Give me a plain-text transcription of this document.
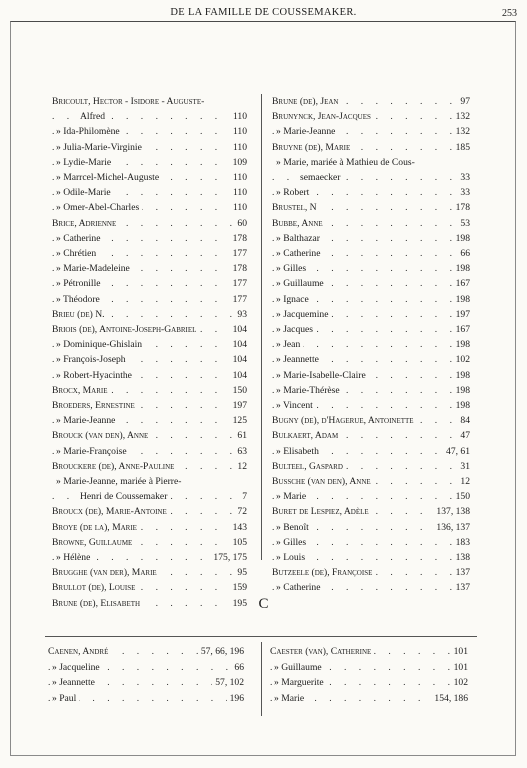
DE LA FAMILLE DE COUSSEMAKER.	253
Bricoult, Hector - Isidore - Auguste-
. . .
Alfred	110
. . .
» Ida-Philomène	110
. . .
» Julia-Marie-Virginie	110
. . .
» Lydie-Marie	109
. . .
» Marrcel-Michel-Auguste	110
. . .
» Odile-Marie	110
. . .
» Omer-Abel-Charles	110
. . .
Brice, Adrienne	60
. . .
» Catherine	178
. . .
» Chrétien	177
. . .
» Marie-Madeleine	178
. . .
» Pétronille	177
. . .
» Théodore	177
. . .
Brieu (de) N.	93
. . .
Briois (de), Antoine-Joseph-Gabriel	104
. . .
» Dominique-Ghislain	104
. . .
» François-Joseph	104
. . .
» Robert-Hyacinthe	104
. . .
Brocx, Marie	150
. . .
Broeders, Ernestine	197
. . .
» Marie-Jeanne	125
. . .
Brouck (van den), Anne	61
. . .
» Marie-Françoise	63
. . .
Brouckere (de), Anne-Pauline	12
» Marie-Jeanne, mariée à Pierre-
. . .
Henri de Coussemaker	7
. . .
Broucx (de), Marie-Antoine	72
. . .
Broye (de la), Marie	143
. . .
Browne, Guillaume	105
. . .
» Hélène	175, 175
. . .
Brugghe (van der), Marie	95
. . .
Brullot (de), Louise	159
. . .
Brune (de), Elisabeth	195
. . .
Brune (de), Jean	97
. . .
Brunynck, Jean-Jacques	132
. . .
» Marie-Jeanne	132
. . .
Bruyne (de), Marie	185
» Marie, mariée à Mathieu de Cous-
. . .
semaecker	33
. . .
» Robert	33
. . .
Brustel, N	178
. . .
Bubbe, Anne	53
. . .
» Balthazar	198
. . .
» Catherine	66
. . .
» Gilles	198
. . .
» Guillaume	167
. . .
» Ignace	198
. . .
» Jacquemine	197
. . .
» Jacques	167
. . .
» Jean	198
. . .
» Jeannette	102
. . .
» Marie-Isabelle-Claire	198
. . .
» Marie-Thérèse	198
. . .
» Vincent	198
. . .
Bugny (de), d'Hagerue, Antoinette	84
. . .
Bulkaert, Adam	47
. . .
» Elisabeth	47, 61
. . .
Bulteel, Gaspard	31
. . .
Bussche (van den), Anne	12
. . .
» Marie	150
. . .
Buret de Lespiez, Adèle	137, 138
. . .
» Benoît	136, 137
. . .
» Gilles	183
. . .
» Louis	138
. . .
Butzeele (de), Françoise	137
. . .
» Catherine	137
C
. . .
Caenen, André	57, 66, 196
. . .
» Jacqueline	66
. . .
» Jeannette	57, 102
. . .
» Paul	196
. . .
Caester (van), Catherine	101
. . .
» Guillaume	101
. . .
» Marguerite	102
. . .
» Marie	154, 186
